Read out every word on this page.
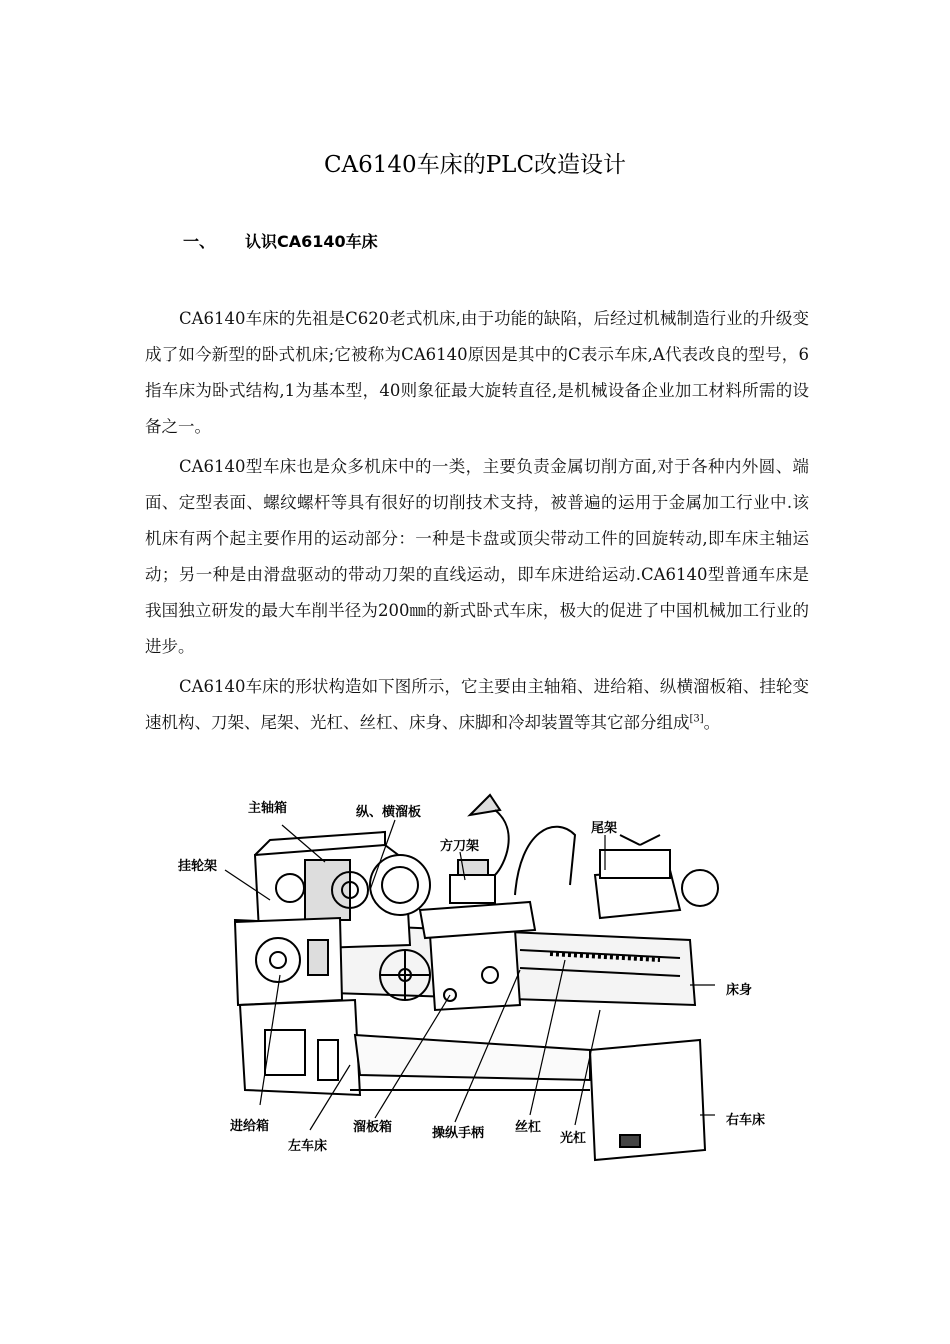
CA6140车床的PLC改造设计
一、 认识CA6140车床

CA6140车床的先祖是C620老式机床,由于功能的缺陷，后经过机械制造行业的升级变成了如今新型的卧式机床;它被称为CA6140原因是其中的C表示车床,A代表改良的型号，6指车床为卧式结构,1为基本型，40则象征最大旋转直径,是机械设备企业加工材料所需的设备之一。

CA6140型车床也是众多机床中的一类，主要负责金属切削方面,对于各种内外圆、端面、定型表面、螺纹螺杆等具有很好的切削技术支持，被普遍的运用于金属加工行业中.该机床有两个起主要作用的运动部分：一种是卡盘或顶尖带动工件的回旋转动,即车床主轴运动；另一种是由滑盘驱动的带动刀架的直线运动，即车床进给运动.CA6140型普通车床是我国独立研发的最大车削半径为200㎜的新式卧式车床，极大的促进了中国机械加工行业的进步。

CA6140车床的形状构造如下图所示，它主要由主轴箱、进给箱、纵横溜板箱、挂轮变速机构、刀架、尾架、光杠、丝杠、床身、床脚和冷却装置等其它部分组成[3]。

主轴箱	纵、横溜板
方刀架
尾架
挂轮架
床身
右车床
进给箱
左车床
溜板箱	操纵手柄 丝杠
光杠
